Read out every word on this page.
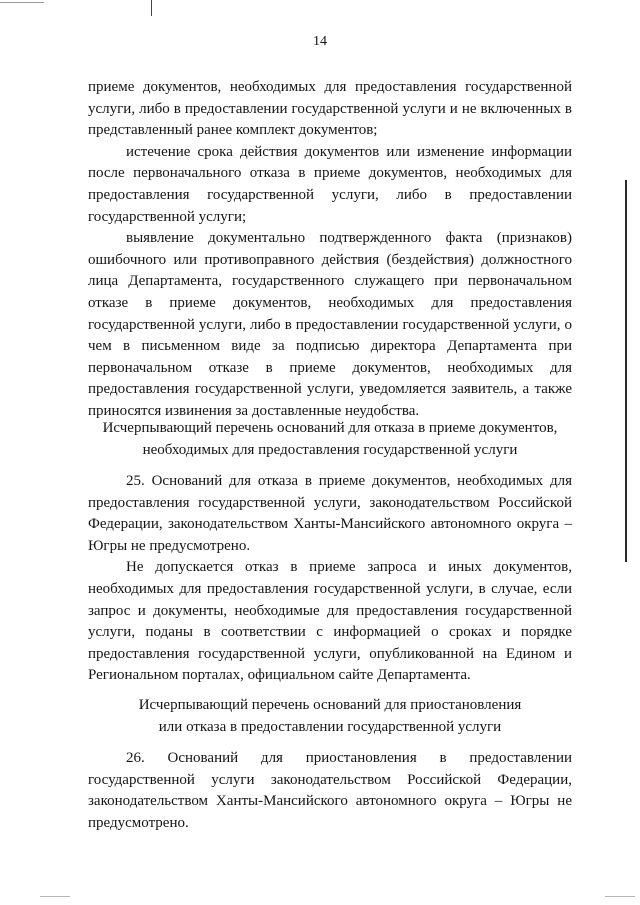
14

приеме документов, необходимых для предоставления государственной услуги, либо в предоставлении государственной услуги и не включенных в представленный ранее комплект документов;

истечение срока действия документов или изменение информации после первоначального отказа в приеме документов, необходимых для предоставления государственной услуги, либо в предоставлении государственной услуги;

выявление документально подтвержденного факта (признаков) ошибочного или противоправного действия (бездействия) должностного лица Департамента, государственного служащего при первоначальном отказе в приеме документов, необходимых для предоставления государственной услуги, либо в предоставлении государственной услуги, о чем в письменном виде за подписью директора Департамента при первоначальном отказе в приеме документов, необходимых для предоставления государственной услуги, уведомляется заявитель, а также приносятся извинения за доставленные неудобства.

Исчерпывающий перечень оснований для отказа в приеме документов,
необходимых для предоставления государственной услуги

25. Оснований для отказа в приеме документов, необходимых для предоставления государственной услуги, законодательством Российской Федерации, законодательством Ханты-Мансийского автономного округа – Югры не предусмотрено.

Не допускается отказ в приеме запроса и иных документов, необходимых для предоставления государственной услуги, в случае, если запрос и документы, необходимые для предоставления государственной услуги, поданы в соответствии с информацией о сроках и порядке предоставления государственной услуги, опубликованной на Едином и Региональном порталах, официальном сайте Департамента.

Исчерпывающий перечень оснований для приостановления
или отказа в предоставлении государственной услуги

26. Оснований для приостановления в предоставлении государственной услуги законодательством Российской Федерации, законодательством Ханты-Мансийского автономного округа – Югры не предусмотрено.
